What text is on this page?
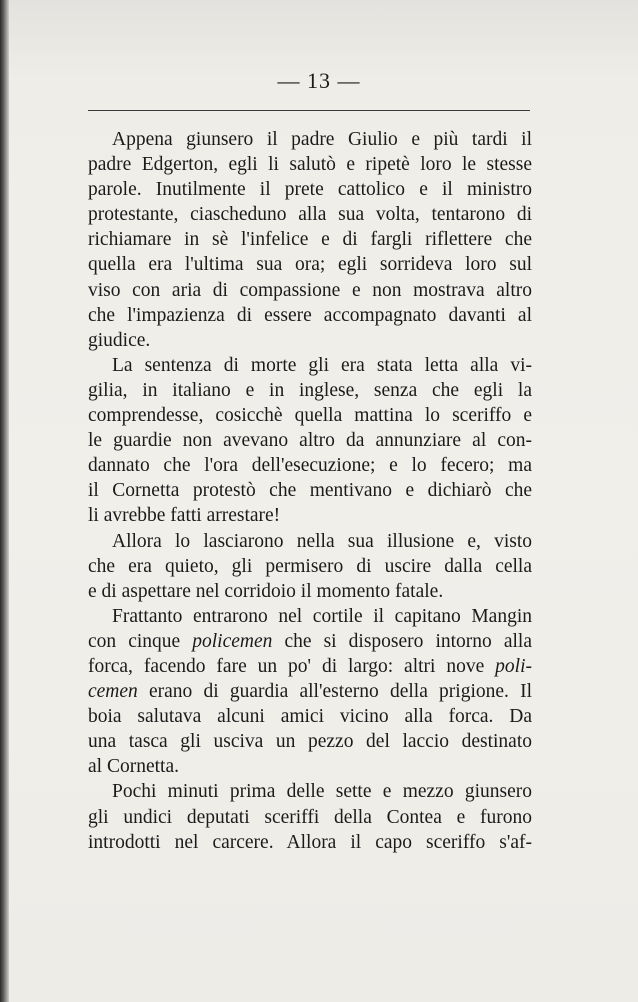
— 13 —
Appena giunsero il padre Giulio e più tardi il
padre Edgerton, egli li salutò e ripetè loro le stesse
parole. Inutilmente il prete cattolico e il ministro
protestante, ciascheduno alla sua volta, tentarono di
richiamare in sè l'infelice e di fargli riflettere che
quella era l'ultima sua ora; egli sorrideva loro sul
viso con aria di compassione e non mostrava altro
che l'impazienza di essere accompagnato davanti al
giudice.
La sentenza di morte gli era stata letta alla vi-
gilia, in italiano e in inglese, senza che egli la
comprendesse, cosicchè quella mattina lo sceriffo e
le guardie non avevano altro da annunziare al con-
dannato che l'ora dell'esecuzione; e lo fecero; ma
il Cornetta protestò che mentivano e dichiarò che
li avrebbe fatti arrestare!
Allora lo lasciarono nella sua illusione e, visto
che era quieto, gli permisero di uscire dalla cella
e di aspettare nel corridoio il momento fatale.
Frattanto entrarono nel cortile il capitano Mangin
con cinque policemen che si disposero intorno alla
forca, facendo fare un po' di largo: altri nove poli-
cemen erano di guardia all'esterno della prigione. Il
boia salutava alcuni amici vicino alla forca. Da
una tasca gli usciva un pezzo del laccio destinato
al Cornetta.
Pochi minuti prima delle sette e mezzo giunsero
gli undici deputati sceriffi della Contea e furono
introdotti nel carcere. Allora il capo sceriffo s'af-
